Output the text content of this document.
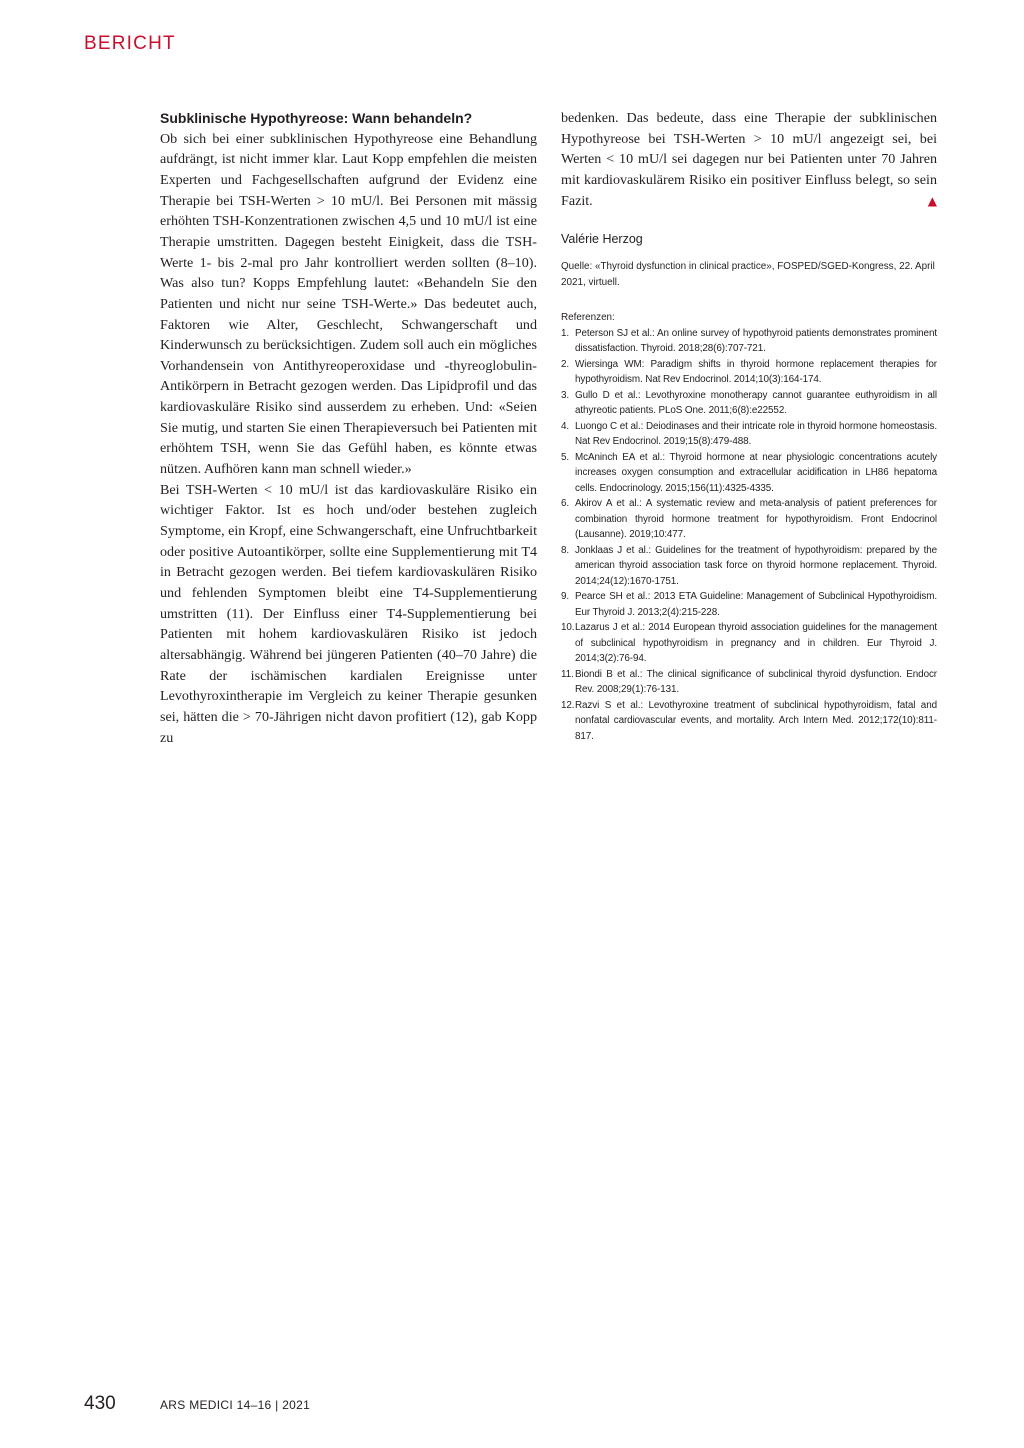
BERICHT
Subklinische Hypothyreose: Wann behandeln?

Ob sich bei einer subklinischen Hypothyreose eine Behandlung aufdrängt, ist nicht immer klar. Laut Kopp empfehlen die meisten Experten und Fachgesellschaften aufgrund der Evidenz eine Therapie bei TSH-Werten > 10 mU/l. Bei Personen mit mässig erhöhten TSH-Konzentrationen zwischen 4,5 und 10 mU/l ist eine Therapie umstritten. Dagegen besteht Einigkeit, dass die TSH-Werte 1- bis 2-mal pro Jahr kontrolliert werden sollten (8–10). Was also tun? Kopps Empfehlung lautet: «Behandeln Sie den Patienten und nicht nur seine TSH-Werte.» Das bedeutet auch, Faktoren wie Alter, Geschlecht, Schwangerschaft und Kinderwunsch zu berücksichtigen. Zudem soll auch ein mögliches Vorhandensein von Antithyreoperoxidase und -thyreoglobulin-Antikörpern in Betracht gezogen werden. Das Lipidprofil und das kardiovaskuläre Risiko sind ausserdem zu erheben. Und: «Seien Sie mutig, und starten Sie einen Therapieversuch bei Patienten mit erhöhtem TSH, wenn Sie das Gefühl haben, es könnte etwas nützen. Aufhören kann man schnell wieder.»

Bei TSH-Werten < 10 mU/l ist das kardiovaskuläre Risiko ein wichtiger Faktor. Ist es hoch und/oder bestehen zugleich Symptome, ein Kropf, eine Schwangerschaft, eine Unfruchtbarkeit oder positive Autoantikörper, sollte eine Supplementierung mit T4 in Betracht gezogen werden. Bei tiefem kardiovaskulären Risiko und fehlenden Symptomen bleibt eine T4-Supplementierung umstritten (11). Der Einfluss einer T4-Supplementierung bei Patienten mit hohem kardiovaskulären Risiko ist jedoch altersabhängig. Während bei jüngeren Patienten (40–70 Jahre) die Rate der ischämischen kardialen Ereignisse unter Levothyroxintherapie im Vergleich zu keiner Therapie gesunken sei, hätten die > 70-Jährigen nicht davon profitiert (12), gab Kopp zu

bedenken. Das bedeute, dass eine Therapie der subklinischen Hypothyreose bei TSH-Werten > 10 mU/l angezeigt sei, bei Werten < 10 mU/l sei dagegen nur bei Patienten unter 70 Jahren mit kardiovaskulärem Risiko ein positiver Einfluss belegt, so sein Fazit.	▲

Valérie Herzog

Quelle: «Thyroid dysfunction in clinical practice», FOSPED/SGED-Kongress, 22. April 2021, virtuell.

Referenzen:

1. Peterson SJ et al.: An online survey of hypothyroid patients demonstrates prominent dissatisfaction. Thyroid. 2018;28(6):707-721.
2. Wiersinga WM: Paradigm shifts in thyroid hormone replacement therapies for hypothyroidism. Nat Rev Endocrinol. 2014;10(3):164-174.
3. Gullo D et al.: Levothyroxine monotherapy cannot guarantee euthyroidism in all athyreotic patients. PLoS One. 2011;6(8):e22552.
4. Luongo C et al.: Deiodinases and their intricate role in thyroid hormone homeostasis. Nat Rev Endocrinol. 2019;15(8):479-488.
5. McAninch EA et al.: Thyroid hormone at near physiologic concentrations acutely increases oxygen consumption and extracellular acidification in LH86 hepatoma cells. Endocrinology. 2015;156(11):4325-4335.
6. Akirov A et al.: A systematic review and meta-analysis of patient preferences for combination thyroid hormone treatment for hypothyroidism. Front Endocrinol (Lausanne). 2019;10:477.
8. Jonklaas J et al.: Guidelines for the treatment of hypothyroidism: prepared by the american thyroid association task force on thyroid hormone replacement. Thyroid. 2014;24(12):1670-1751.
9. Pearce SH et al.: 2013 ETA Guideline: Management of Subclinical Hypothyroidism. Eur Thyroid J. 2013;2(4):215-228.
10. Lazarus J et al.: 2014 European thyroid association guidelines for the management of subclinical hypothyroidism in pregnancy and in children. Eur Thyroid J. 2014;3(2):76-94.
11. Biondi B et al.: The clinical significance of subclinical thyroid dysfunction. Endocr Rev. 2008;29(1):76-131.
12. Razvi S et al.: Levothyroxine treatment of subclinical hypothyroidism, fatal and nonfatal cardiovascular events, and mortality. Arch Intern Med. 2012;172(10):811-817.
430	ARS MEDICI 14–16 | 2021
